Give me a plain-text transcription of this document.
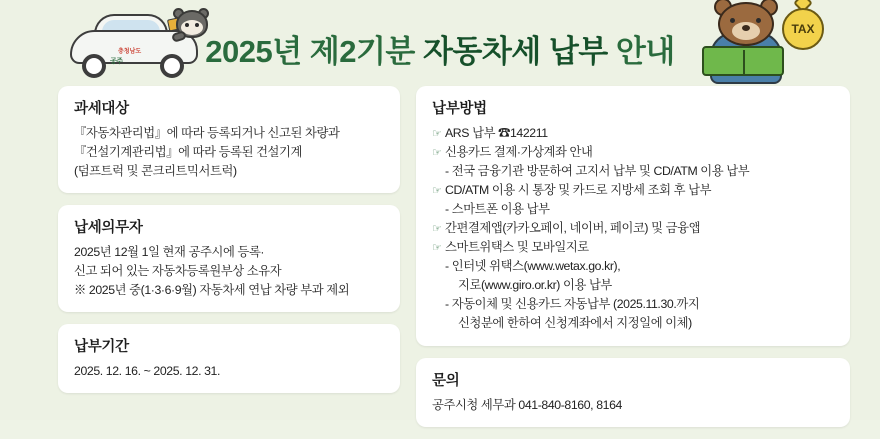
충청남도
공주	2025년 제2기분 자동차세 납부 안내
TAX
과세대상
『자동차관리법』에 따라 등록되거나 신고된 차량과
『건설기계관리법』에 따라 등록된 건설기계
(덤프트럭 및 콘크리트믹서트럭)
납세의무자
2025년 12월 1일 현재 공주시에 등록·
신고 되어 있는 자동차등록원부상 소유자
※ 2025년 중(1·3·6·9월) 자동차세 연납 차량 부과 제외
납부기간
2025. 12. 16. ~ 2025. 12. 31.
납부방법
☞ ARS 납부 ☎142211
☞ 신용카드 결제·가상계좌 안내
- 전국 금융기관 방문하여 고지서 납부 및 CD/ATM 이용 납부
☞ CD/ATM 이용 시 통장 및 카드로 지방세 조회 후 납부
- 스마트폰 이용 납부
☞ 간편결제앱(카카오페이, 네이버, 페이코) 및 금융앱
☞ 스마트위택스 및 모바일지로
- 인터넷 위택스(www.wetax.go.kr),
지로(www.giro.or.kr) 이용 납부
- 자동이체 및 신용카드 자동납부 (2025.11.30.까지
신청분에 한하여 신청계좌에서 지정일에 이체)
문의
공주시청 세무과 041-840-8160, 8164
